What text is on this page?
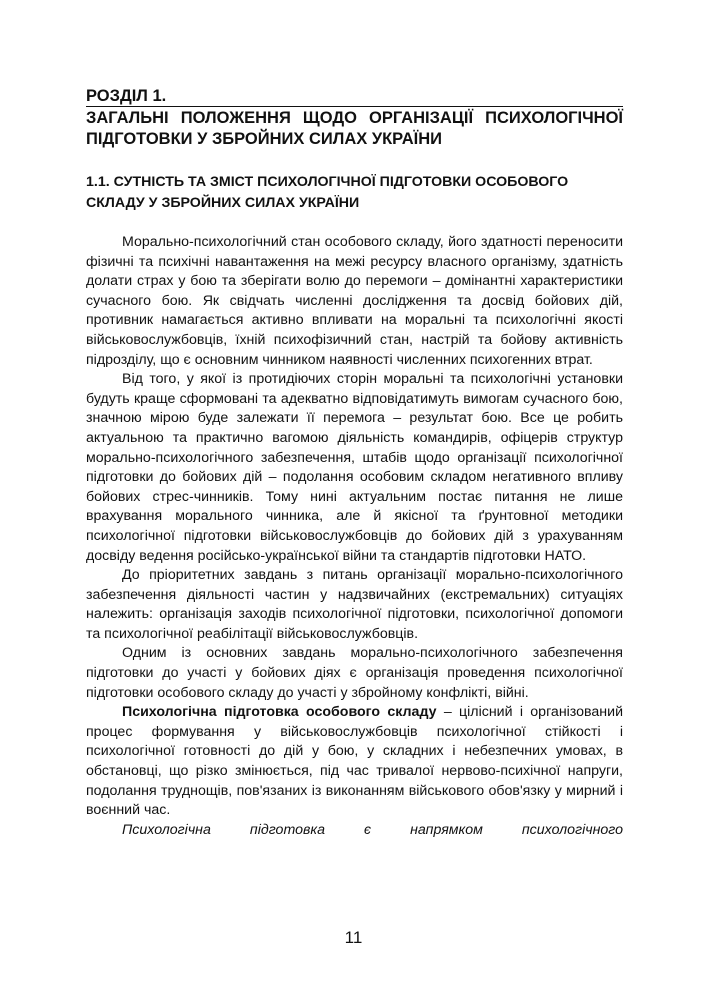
РОЗДІЛ 1.
ЗАГАЛЬНІ ПОЛОЖЕННЯ ЩОДО ОРГАНІЗАЦІЇ ПСИХОЛОГІЧНОЇ ПІДГОТОВКИ У ЗБРОЙНИХ СИЛАХ УКРАЇНИ
1.1. СУТНІСТЬ ТА ЗМІСТ ПСИХОЛОГІЧНОЇ ПІДГОТОВКИ ОСОБОВОГО СКЛАДУ У ЗБРОЙНИХ СИЛАХ УКРАЇНИ

Морально-психологічний стан особового складу, його здатності переносити фізичні та психічні навантаження на межі ресурсу власного організму, здатність долати страх у бою та зберігати волю до перемоги – домінантні характеристики сучасного бою. Як свідчать численні дослідження та досвід бойових дій, противник намагається активно впливати на моральні та психологічні якості військовослужбовців, їхній психофізичний стан, настрій та бойову активність підрозділу, що є основним чинником наявності численних психогенних втрат.

Від того, у якої із протидіючих сторін моральні та психологічні установки будуть краще сформовані та адекватно відповідатимуть вимогам сучасного бою, значною мірою буде залежати її перемога – результат бою. Все це робить актуальною та практично вагомою діяльність командирів, офіцерів структур морально-психологічного забезпечення, штабів щодо організації психологічної підготовки до бойових дій – подолання особовим складом негативного впливу бойових стрес-чинників. Тому нині актуальним постає питання не лише врахування морального чинника, але й якісної та ґрунтовної методики психологічної підготовки військовослужбовців до бойових дій з урахуванням досвіду ведення російсько-української війни та стандартів підготовки НАТО.

До пріоритетних завдань з питань організації морально-психологічного забезпечення діяльності частин у надзвичайних (екстремальних) ситуаціях належить: організація заходів психологічної підготовки, психологічної допомоги та психологічної реабілітації військовослужбовців.

Одним із основних завдань морально-психологічного забезпечення підготовки до участі у бойових діях є організація проведення психологічної підготовки особового складу до участі у збройному конфлікті, війні.

Психологічна підготовка особового складу – цілісний і організований процес формування у військовослужбовців психологічної стійкості і психологічної готовності до дій у бою, у складних і небезпечних умовах, в обстановці, що різко змінюється, під час тривалої нервово-психічної напруги, подолання труднощів, пов'язаних із виконанням військового обов'язку у мирний і воєнний час.

Психологічна підготовка є напрямком психологічного

11
